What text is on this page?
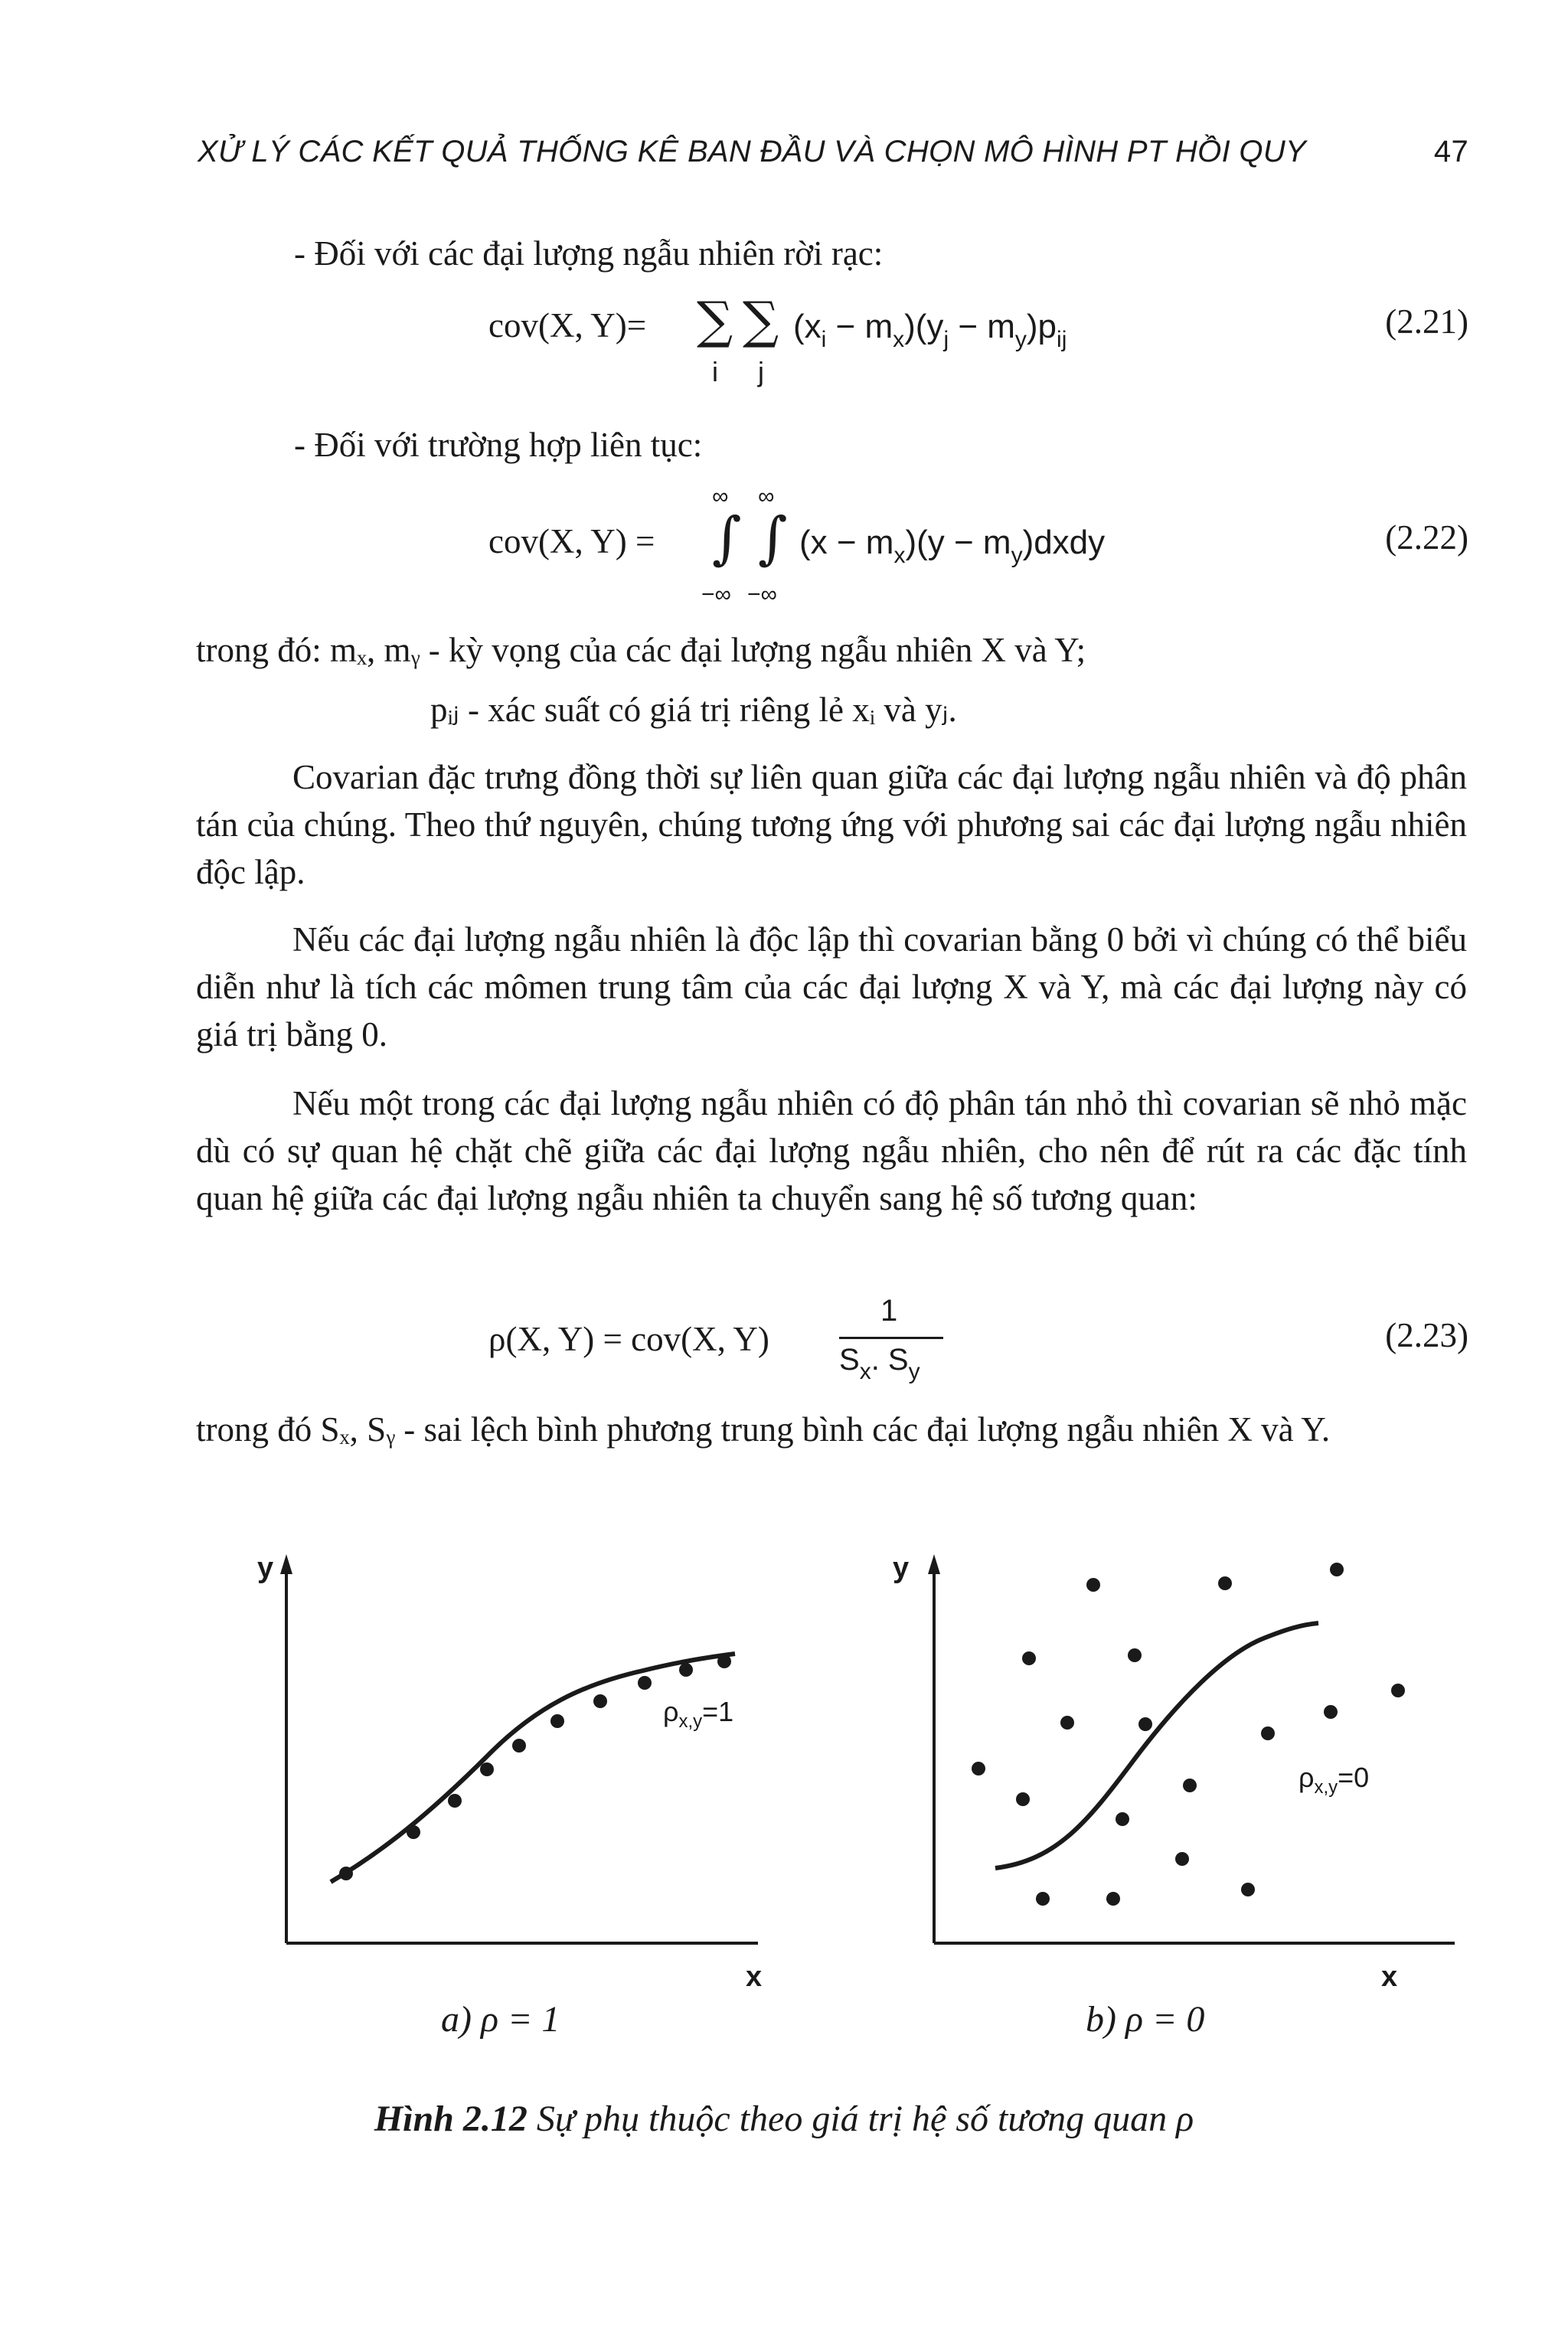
XỬ LÝ CÁC KẾT QUẢ THỐNG KÊ BAN ĐẦU VÀ CHỌN MÔ HÌNH PT HỒI QUY	47
- Đối với các đại lượng ngẫu nhiên rời rạc:
cov(X, Y)= ∑ ∑
i j
$(x_i - m_x)(y_j - m_y)p_{ij}$	(2.21)
- Đối với trường hợp liên tục:
cov(X, Y) =
∞ ∞
∫ ∫
−∞ −∞
$(x - m_x)(y$ − $m_y)dxdy$	(2.22)
trong đó: mₓ, mᵧ - kỳ vọng của các đại lượng ngẫu nhiên X và Y;
pᵢⱼ - xác suất có giá trị riêng lẻ xᵢ và yⱼ.
Covarian đặc trưng đồng thời sự liên quan giữa các đại lượng ngẫu nhiên và độ phân tán của chúng. Theo thứ nguyên, chúng tương ứng với phương sai các đại lượng ngẫu nhiên độc lập.
Nếu các đại lượng ngẫu nhiên là độc lập thì covarian bằng 0 bởi vì chúng có thể biểu diễn như là tích các mômen trung tâm của các đại lượng X và Y, mà các đại lượng này có giá trị bằng 0.
Nếu một trong các đại lượng ngẫu nhiên có độ phân tán nhỏ thì covarian sẽ nhỏ mặc dù có sự quan hệ chặt chẽ giữa các đại lượng ngẫu nhiên, cho nên để rút ra các đặc tính quan hệ giữa các đại lượng ngẫu nhiên ta chuyển sang hệ số tương quan:
ρ(X, Y) = cov(X, Y)
1
$S_x$. $S_y$
(2.23)
trong đó Sₓ, Sᵧ - sai lệch bình phương trung bình các đại lượng ngẫu nhiên X và Y.
y
x
$\rho_{x,y}=1$
y
x
$\rho_{x,y}=0$
a) ρ = 1	b) ρ = 0
Hình 2.12 Sự phụ thuộc theo giá trị hệ số tương quan ρ
